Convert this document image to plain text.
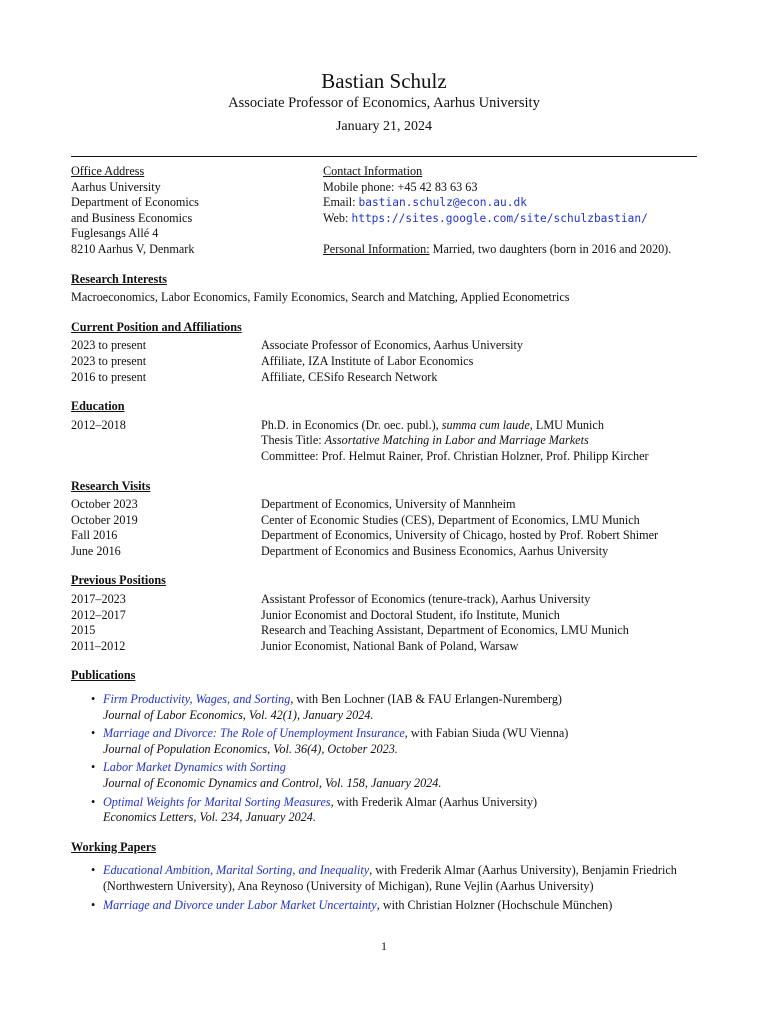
Bastian Schulz
Associate Professor of Economics, Aarhus University
January 21, 2024
Office Address
Aarhus University
Department of Economics
and Business Economics
Fuglesangs Allé 4
8210 Aarhus V, Denmark
Contact Information
Mobile phone: +45 42 83 63 63
Email: bastian.schulz@econ.au.dk
Web: https://sites.google.com/site/schulzbastian/
Personal Information: Married, two daughters (born in 2016 and 2020).
Research Interests
Macroeconomics, Labor Economics, Family Economics, Search and Matching, Applied Econometrics
Current Position and Affiliations
2023 to present	Associate Professor of Economics, Aarhus University
2023 to present	Affiliate, IZA Institute of Labor Economics
2016 to present	Affiliate, CESifo Research Network
Education
2012–2018	Ph.D. in Economics (Dr. oec. publ.), summa cum laude, LMU Munich
Thesis Title: Assortative Matching in Labor and Marriage Markets
Committee: Prof. Helmut Rainer, Prof. Christian Holzner, Prof. Philipp Kircher
Research Visits
October 2023	Department of Economics, University of Mannheim
October 2019	Center of Economic Studies (CES), Department of Economics, LMU Munich
Fall 2016	Department of Economics, University of Chicago, hosted by Prof. Robert Shimer
June 2016	Department of Economics and Business Economics, Aarhus University
Previous Positions
2017–2023	Assistant Professor of Economics (tenure-track), Aarhus University
2012–2017	Junior Economist and Doctoral Student, ifo Institute, Munich
2015	Research and Teaching Assistant, Department of Economics, LMU Munich
2011–2012	Junior Economist, National Bank of Poland, Warsaw
Publications
• Firm Productivity, Wages, and Sorting, with Ben Lochner (IAB & FAU Erlangen-Nuremberg)
Journal of Labor Economics, Vol. 42(1), January 2024.
• Marriage and Divorce: The Role of Unemployment Insurance, with Fabian Siuda (WU Vienna)
Journal of Population Economics, Vol. 36(4), October 2023.
• Labor Market Dynamics with Sorting
Journal of Economic Dynamics and Control, Vol. 158, January 2024.
• Optimal Weights for Marital Sorting Measures, with Frederik Almar (Aarhus University)
Economics Letters, Vol. 234, January 2024.
Working Papers
• Educational Ambition, Marital Sorting, and Inequality, with Frederik Almar (Aarhus University), Benjamin Friedrich (Northwestern University), Ana Reynoso (University of Michigan), Rune Vejlin (Aarhus University)
• Marriage and Divorce under Labor Market Uncertainty, with Christian Holzner (Hochschule München)
1
